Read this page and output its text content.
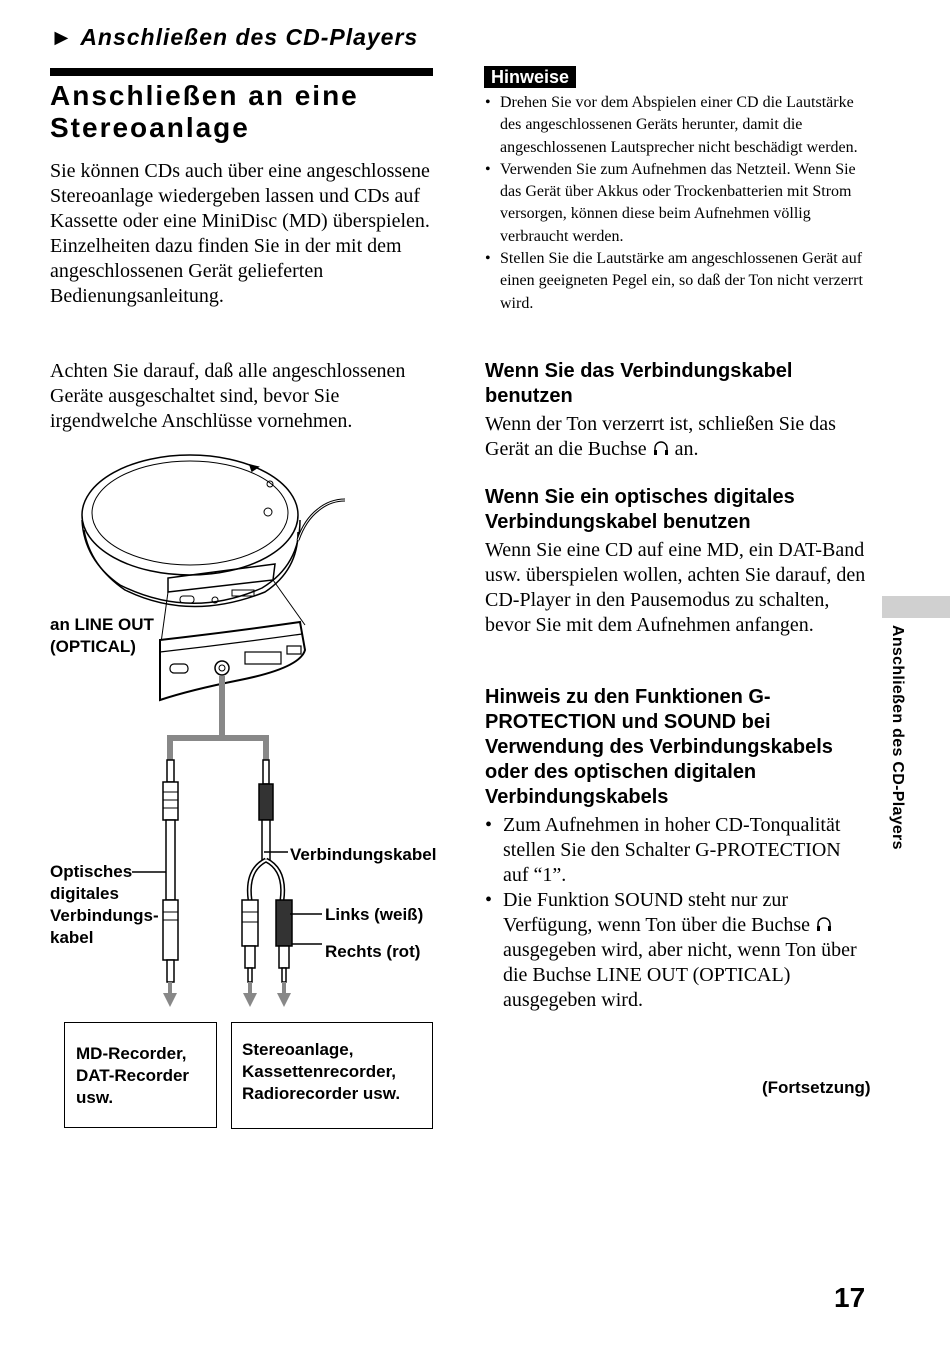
► Anschließen des CD-Players
Anschließen an eine Stereoanlage
Sie können CDs auch über eine angeschlossene Stereoanlage wiedergeben lassen und CDs auf Kassette oder eine MiniDisc (MD) überspielen. Einzelheiten dazu finden Sie in der mit dem angeschlossenen Gerät gelieferten Bedienungsanleitung.
Achten Sie darauf, daß alle angeschlossenen Geräte ausgeschaltet sind, bevor Sie irgendwelche Anschlüsse vornehmen.
an LINE OUT
(OPTICAL)
Optisches
digitales
Verbindungs-
kabel
Verbindungskabel
Links (weiß)
Rechts (rot)
MD-Recorder,
DAT-Recorder
usw.
Stereoanlage,
Kassettenrecorder,
Radiorecorder usw.
Hinweise
• Drehen Sie vor dem Abspielen einer CD die Lautstärke des angeschlossenen Geräts herunter, damit die angeschlossenen Lautsprecher nicht beschädigt werden.
• Verwenden Sie zum Aufnehmen das Netzteil. Wenn Sie das Gerät über Akkus oder Trockenbatterien mit Strom versorgen, können diese beim Aufnehmen völlig verbraucht werden.
• Stellen Sie die Lautstärke am angeschlossenen Gerät auf einen geeigneten Pegel ein, so daß der Ton nicht verzerrt wird.
Wenn Sie das Verbindungskabel benutzen
Wenn der Ton verzerrt ist, schließen Sie das Gerät an die Buchse an.
Wenn Sie ein optisches digitales Verbindungskabel benutzen
Wenn Sie eine CD auf eine MD, ein DAT-Band usw. überspielen wollen, achten Sie darauf, den CD-Player in den Pausemodus zu schalten, bevor Sie mit dem Aufnehmen anfangen.
Hinweis zu den Funktionen G-PROTECTION und SOUND bei Verwendung des Verbindungskabels oder des optischen digitalen Verbindungskabels
• Zum Aufnehmen in hoher CD-Tonqualität stellen Sie den Schalter G-PROTECTION auf “1”.
• Die Funktion SOUND steht nur zur Verfügung, wenn Ton über die Buchse  ausgegeben wird, aber nicht, wenn Ton über die Buchse LINE OUT (OPTICAL) ausgegeben wird.
Anschließen des CD-Players
(Fortsetzung)
17
